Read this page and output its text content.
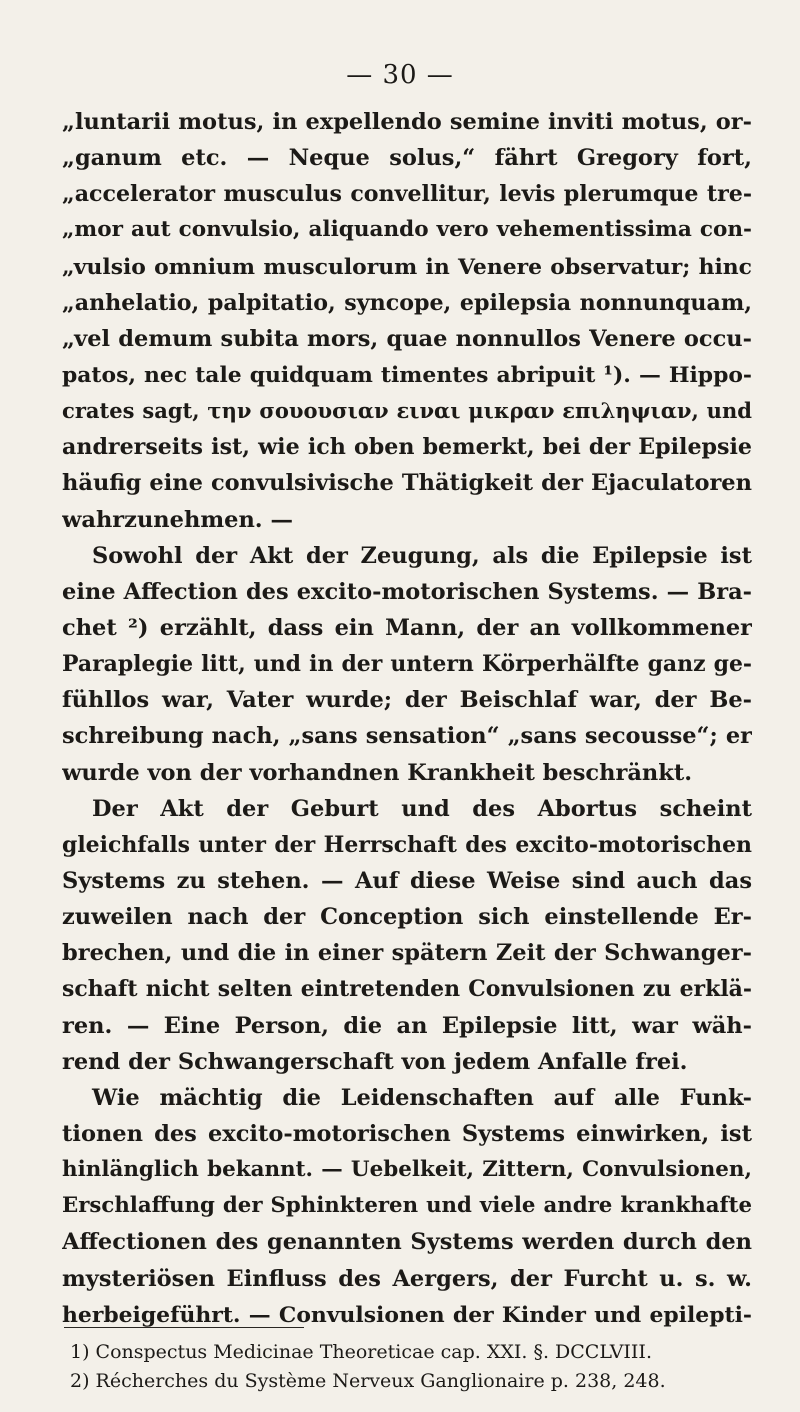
— 30 —
„luntarii motus, in expellendo semine inviti motus, or-
„ganum etc. — Neque solus,“ fährt Gregory fort,
„accelerator musculus convellitur, levis plerumque tre-
„mor aut convulsio, aliquando vero vehementissima con-
„vulsio omnium musculorum in Venere observatur; hinc
„anhelatio, palpitatio, syncope, epilepsia nonnunquam,
„vel demum subita mors, quae nonnullos Venere occu-
patos, nec tale quidquam timentes abripuit ¹). — Hippo-
crates sagt, την σουουσιαν ειναι μικραν επιληψιαν, und
andrerseits ist, wie ich oben bemerkt, bei der Epilepsie
häufig eine convulsivische Thätigkeit der Ejaculatoren
wahrzunehmen. —
Sowohl der Akt der Zeugung, als die Epilepsie ist
eine Affection des excito-motorischen Systems. — Bra-
chet ²) erzählt, dass ein Mann, der an vollkommener
Paraplegie litt, und in der untern Körperhälfte ganz ge-
fühllos war, Vater wurde; der Beischlaf war, der Be-
schreibung nach, „sans sensation“ „sans secousse“; er
wurde von der vorhandnen Krankheit beschränkt.
Der Akt der Geburt und des Abortus scheint
gleichfalls unter der Herrschaft des excito-motorischen
Systems zu stehen. — Auf diese Weise sind auch das
zuweilen nach der Conception sich einstellende Er-
brechen, und die in einer spätern Zeit der Schwanger-
schaft nicht selten eintretenden Convulsionen zu erklä-
ren. — Eine Person, die an Epilepsie litt, war wäh-
rend der Schwangerschaft von jedem Anfalle frei.
Wie mächtig die Leidenschaften auf alle Funk-
tionen des excito-motorischen Systems einwirken, ist
hinlänglich bekannt. — Uebelkeit, Zittern, Convulsionen,
Erschlaffung der Sphinkteren und viele andre krankhafte
Affectionen des genannten Systems werden durch den
mysteriösen Einfluss des Aergers, der Furcht u. s. w.
herbeigeführt. — Convulsionen der Kinder und epilepti-
1) Conspectus Medicinae Theoreticae cap. XXI. §. DCCLVIII.
2) Récherches du Système Nerveux Ganglionaire p. 238, 248.
